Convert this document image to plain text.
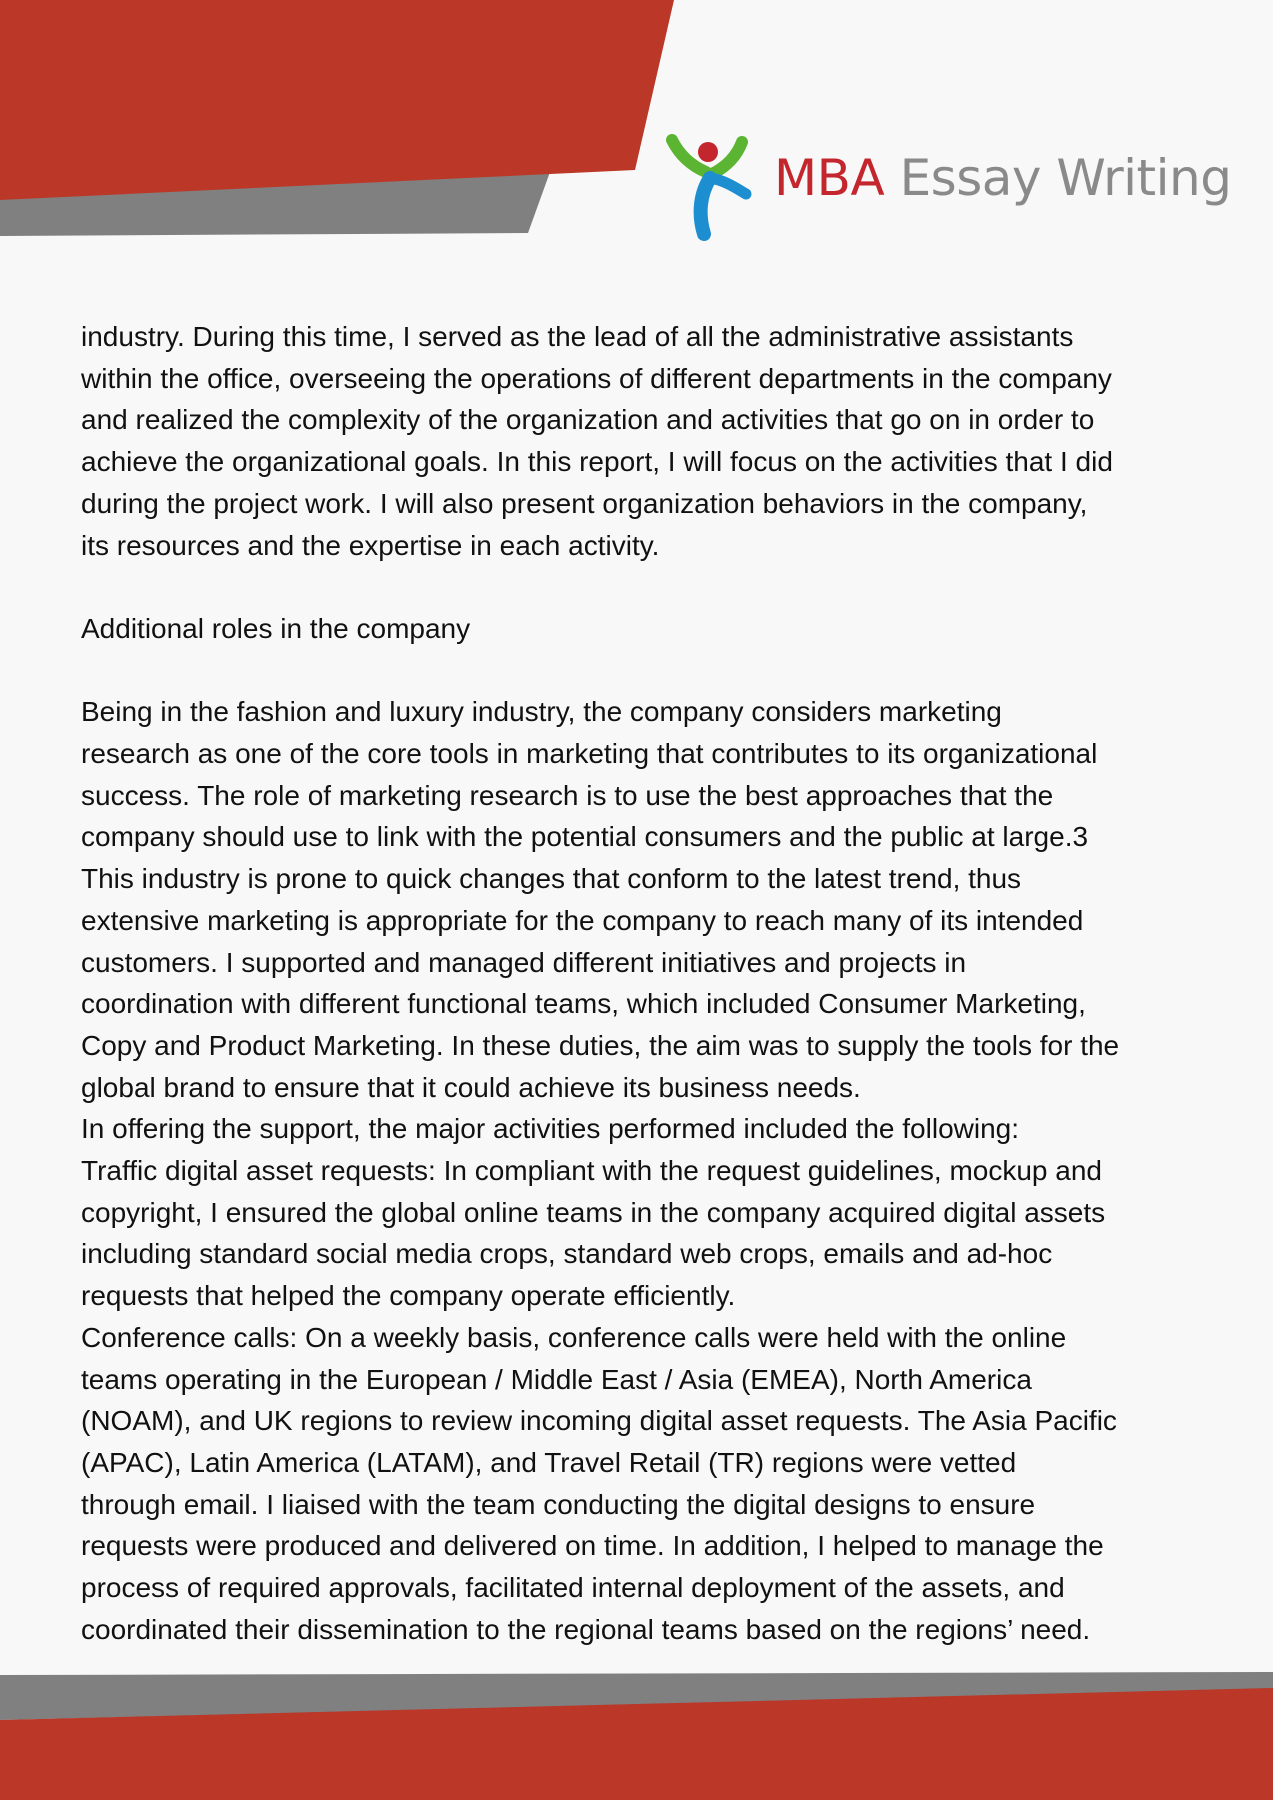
MBA Essay Writing

industry. During this time, I served as the lead of all the administrative assistants
within the office, overseeing the operations of different departments in the company
and realized the complexity of the organization and activities that go on in order to
achieve the organizational goals. In this report, I will focus on the activities that I did
during the project work. I will also present organization behaviors in the company,
its resources and the expertise in each activity.

Additional roles in the company

Being in the fashion and luxury industry, the company considers marketing
research as one of the core tools in marketing that contributes to its organizational
success. The role of marketing research is to use the best approaches that the
company should use to link with the potential consumers and the public at large.3
This industry is prone to quick changes that conform to the latest trend, thus
extensive marketing is appropriate for the company to reach many of its intended
customers. I supported and managed different initiatives and projects in
coordination with different functional teams, which included Consumer Marketing,
Copy and Product Marketing. In these duties, the aim was to supply the tools for the
global brand to ensure that it could achieve its business needs.

In offering the support, the major activities performed included the following:

Traffic digital asset requests: In compliant with the request guidelines, mockup and
copyright, I ensured the global online teams in the company acquired digital assets
including standard social media crops, standard web crops, emails and ad-hoc
requests that helped the company operate efficiently.

Conference calls: On a weekly basis, conference calls were held with the online
teams operating in the European / Middle East / Asia (EMEA), North America
(NOAM), and UK regions to review incoming digital asset requests. The Asia Pacific
(APAC), Latin America (LATAM), and Travel Retail (TR) regions were vetted
through email. I liaised with the team conducting the digital designs to ensure
requests were produced and delivered on time. In addition, I helped to manage the
process of required approvals, facilitated internal deployment of the assets, and
coordinated their dissemination to the regional teams based on the regions’ need.
